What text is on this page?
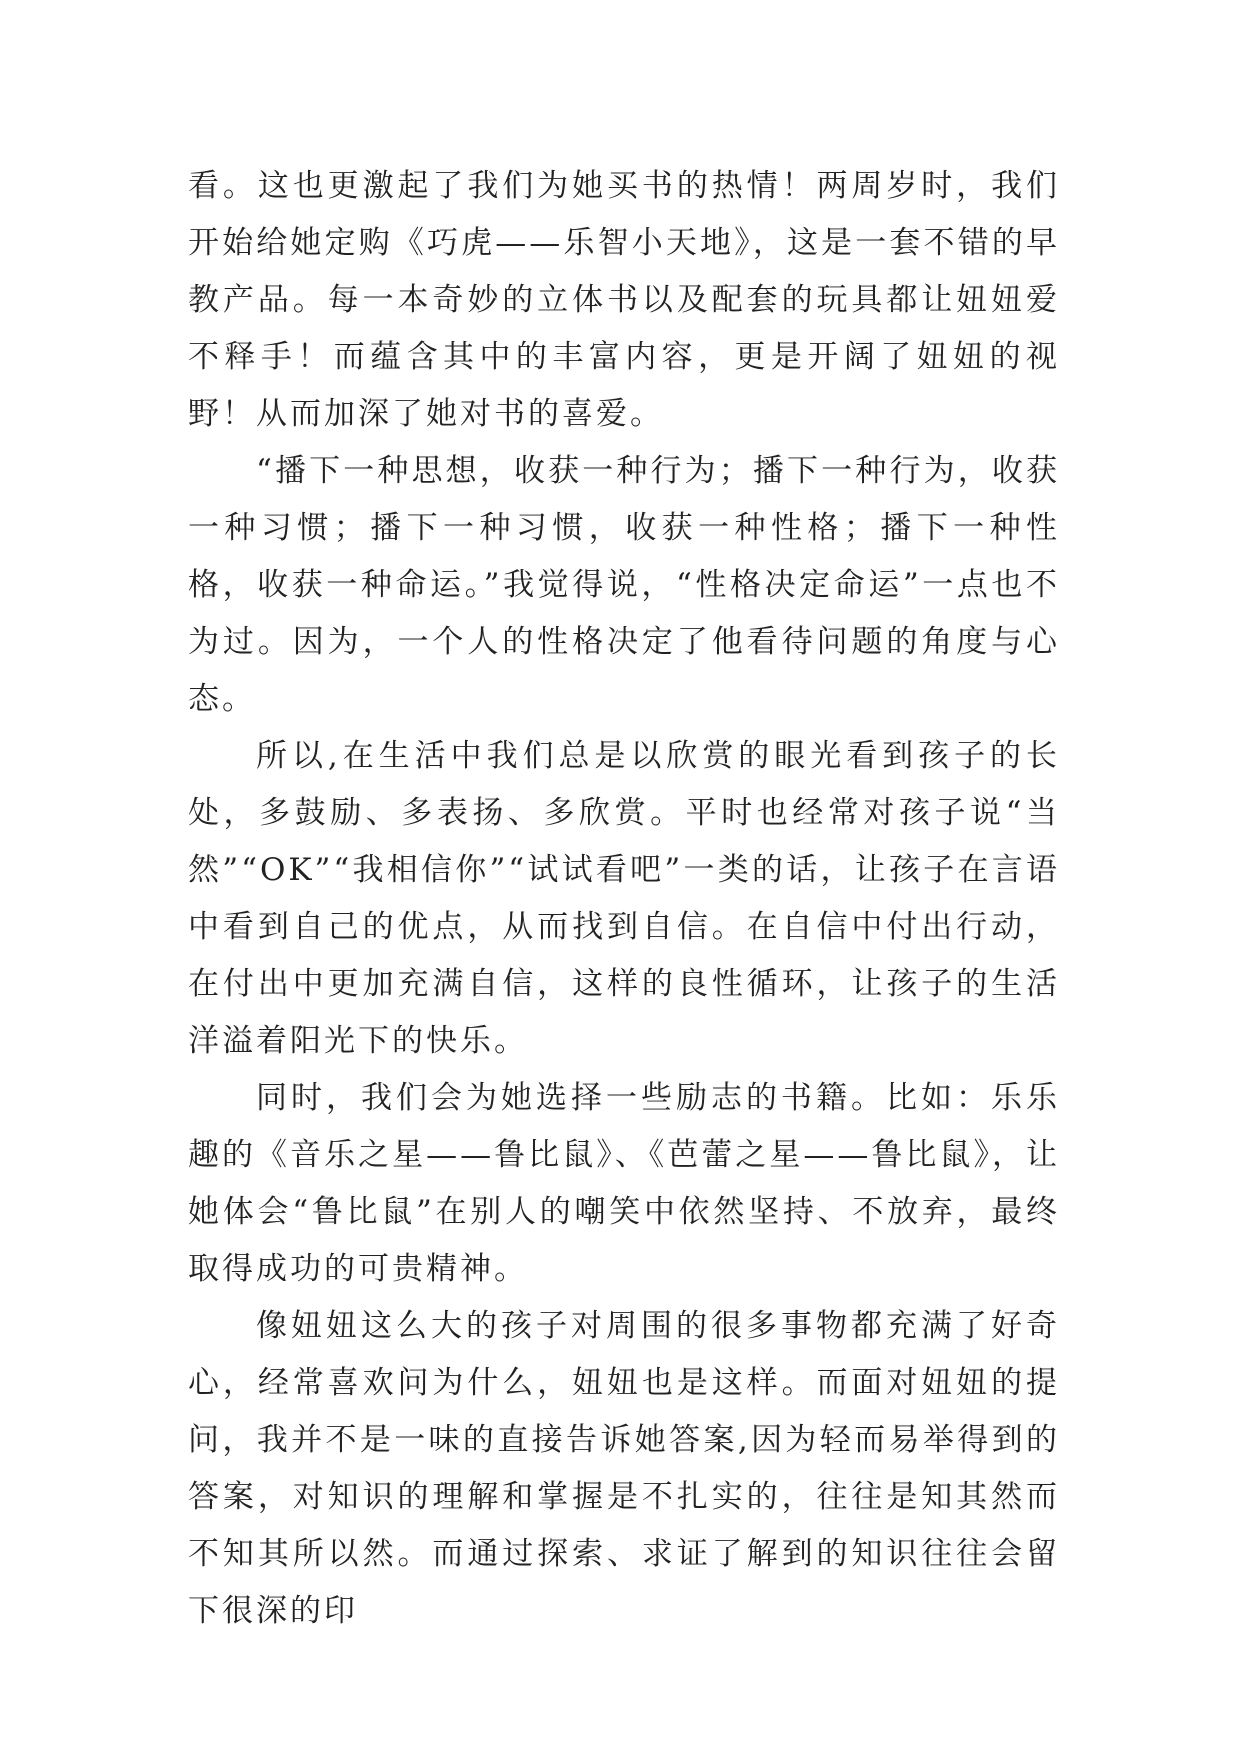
看。这也更激起了我们为她买书的热情！两周岁时，我们开始给她定购《巧虎——乐智小天地》，这是一套不错的早教产品。每一本奇妙的立体书以及配套的玩具都让妞妞爱不释手！而蕴含其中的丰富内容，更是开阔了妞妞的视野！从而加深了她对书的喜爱。

“播下一种思想，收获一种行为；播下一种行为，收获一种习惯；播下一种习惯，收获一种性格；播下一种性格，收获一种命运。”我觉得说，“性格决定命运”一点也不为过。因为，一个人的性格决定了他看待问题的角度与心态。

所以,在生活中我们总是以欣赏的眼光看到孩子的长处，多鼓励、多表扬、多欣赏。平时也经常对孩子说“当然”“OK”“我相信你”“试试看吧”一类的话，让孩子在言语中看到自己的优点，从而找到自信。在自信中付出行动，在付出中更加充满自信，这样的良性循环，让孩子的生活洋溢着阳光下的快乐。

同时，我们会为她选择一些励志的书籍。比如：乐乐趣的《音乐之星——鲁比鼠》、《芭蕾之星——鲁比鼠》，让她体会“鲁比鼠”在别人的嘲笑中依然坚持、不放弃，最终取得成功的可贵精神。

像妞妞这么大的孩子对周围的很多事物都充满了好奇心，经常喜欢问为什么，妞妞也是这样。而面对妞妞的提问，我并不是一味的直接告诉她答案,因为轻而易举得到的答案，对知识的理解和掌握是不扎实的，往往是知其然而不知其所以然。而通过探索、求证了解到的知识往往会留下很深的印
